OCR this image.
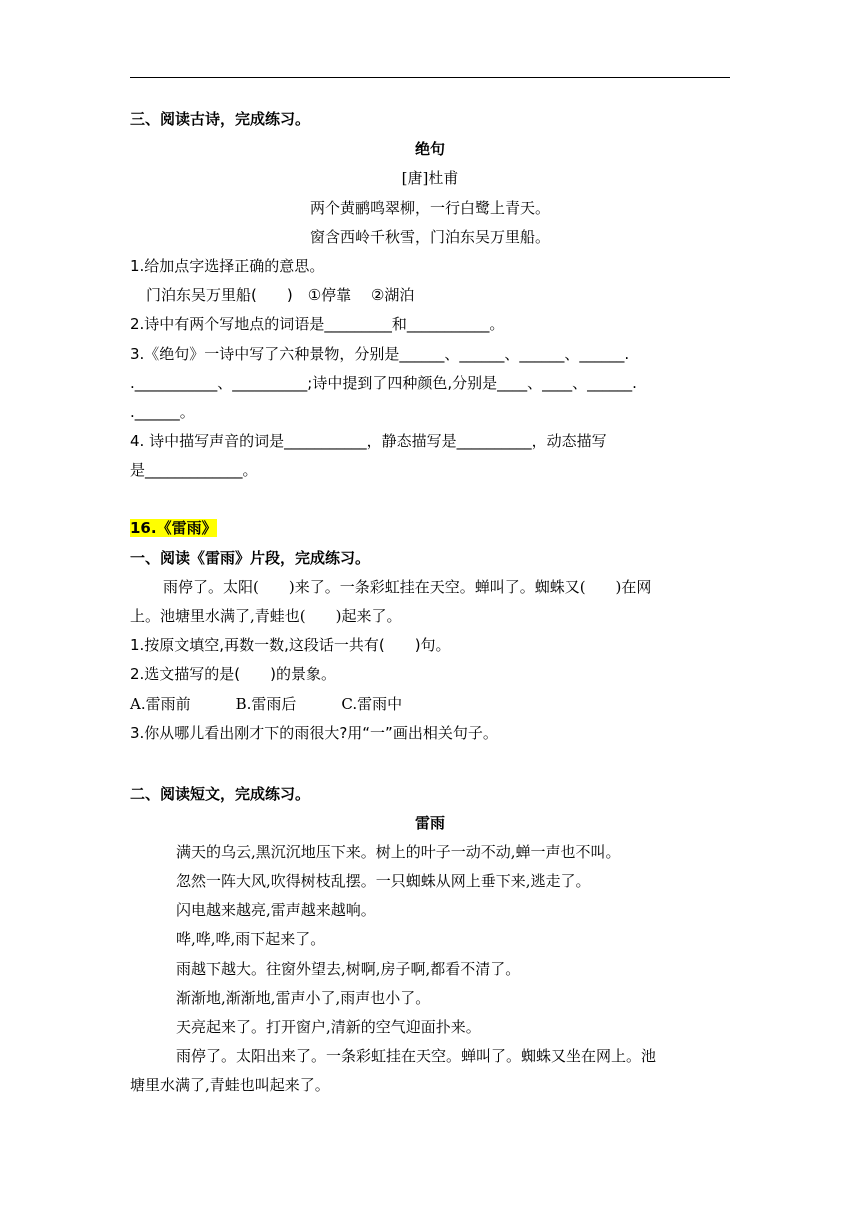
三、阅读古诗，完成练习。
绝句
[唐]杜甫
两个黄鹂鸣翠柳，一行白鹭上青天。
窗含西岭千秋雪，门泊东吴万里船。
1.给加点字选择正确的意思。
门泊东吴万里船(　　)　①停靠　 ②湖泊
2.诗中有两个写地点的词语是_________和___________。
3.《绝句》一诗中写了六种景物，分别是______、______、______、______.
.___________、__________;诗中提到了四种颜色,分别是____、____、______.
.______。
4. 诗中描写声音的词是___________，静态描写是__________，动态描写
是_____________。
16.《雷雨》
一、阅读《雷雨》片段，完成练习。
雨停了。太阳(　　)来了。一条彩虹挂在天空。蝉叫了。蜘蛛又(　　)在网
上。池塘里水满了,青蛙也(　　)起来了。
1.按原文填空,再数一数,这段话一共有(　　)句。
2.选文描写的是(　　)的景象。
A.雷雨前　　　B.雷雨后　　　C.雷雨中
3.你从哪儿看出刚才下的雨很大?用“一”画出相关句子。
二、阅读短文，完成练习。
雷雨
满天的乌云,黑沉沉地压下来。树上的叶子一动不动,蝉一声也不叫。
忽然一阵大风,吹得树枝乱摆。一只蜘蛛从网上垂下来,逃走了。
闪电越来越亮,雷声越来越响。
哗,哗,哗,雨下起来了。
雨越下越大。往窗外望去,树啊,房子啊,都看不清了。
渐渐地,渐渐地,雷声小了,雨声也小了。
天亮起来了。打开窗户,清新的空气迎面扑来。
雨停了。太阳出来了。一条彩虹挂在天空。蝉叫了。蜘蛛又坐在网上。池
塘里水满了,青蛙也叫起来了。
